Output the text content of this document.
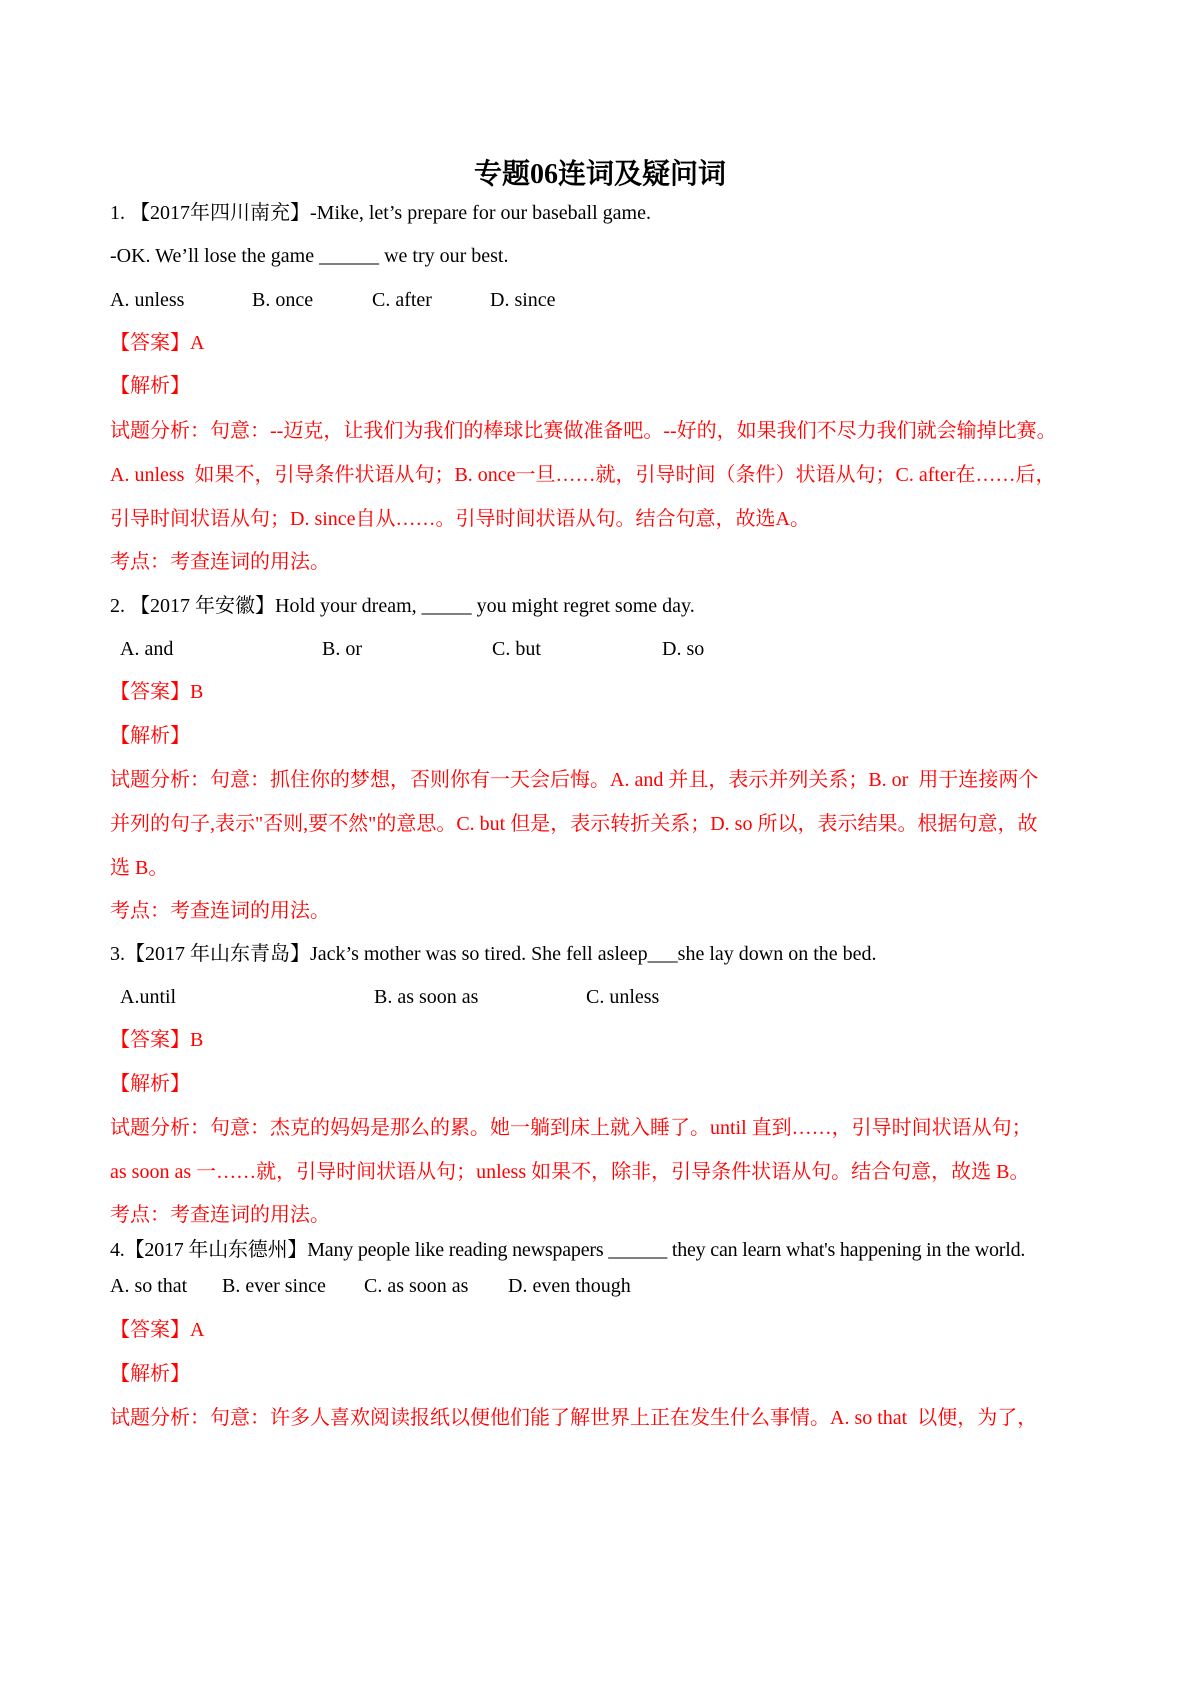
专题06连词及疑问词
1. 【2017年四川南充】-Mike, let’s prepare for our baseball game.
-OK. We’ll lose the game ______ we try our best.
A. unless	B. once	C. after	D. since
【答案】A
【解析】
试题分析：句意：--迈克，让我们为我们的棒球比赛做准备吧。--好的，如果我们不尽力我们就会输掉比赛。
A. unless  如果不，引导条件状语从句；B. once一旦……就，引导时间（条件）状语从句；C. after在……后，
引导时间状语从句；D. since自从……。引导时间状语从句。结合句意，故选A。
考点：考查连词的用法。
2. 【2017 年安徽】Hold your dream, _____ you might regret some day.
A. and	B. or	C. but	D. so
【答案】B
【解析】
试题分析：句意：抓住你的梦想，否则你有一天会后悔。A. and 并且，表示并列关系；B. or  用于连接两个
并列的句子,表示"否则,要不然"的意思。C. but 但是，表示转折关系；D. so 所以，表示结果。根据句意，故
选 B。
考点：考查连词的用法。
3.【2017 年山东青岛】Jack’s mother was so tired. She fell asleep___she lay down on the bed.
A.until	B. as soon as	C. unless
【答案】B
【解析】
试题分析：句意：杰克的妈妈是那么的累。她一躺到床上就入睡了。until 直到……，引导时间状语从句；
as soon as 一……就，引导时间状语从句；unless 如果不，除非，引导条件状语从句。结合句意，故选 B。
考点：考查连词的用法。
4.【2017 年山东德州】Many people like reading newspapers ______ they can learn what's happening in the world.
A. so that B. ever since C. as soon as D. even though
【答案】A
【解析】
试题分析：句意：许多人喜欢阅读报纸以便他们能了解世界上正在发生什么事情。A. so that  以便，为了，
